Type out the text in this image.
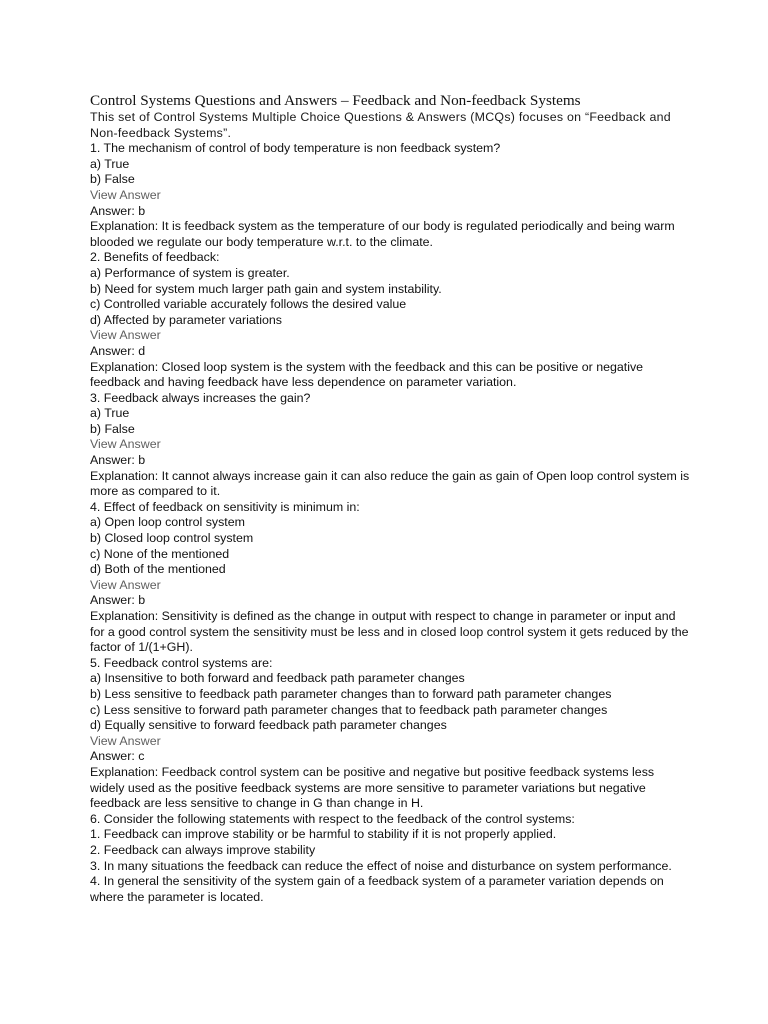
Control Systems Questions and Answers – Feedback and Non-feedback Systems
This set of Control Systems Multiple Choice Questions & Answers (MCQs) focuses on “Feedback and Non-feedback Systems”.
1. The mechanism of control of body temperature is non feedback system?
a) True
b) False
View Answer
Answer: b
Explanation: It is feedback system as the temperature of our body is regulated periodically and being warm blooded we regulate our body temperature w.r.t. to the climate.
2. Benefits of feedback:
a) Performance of system is greater.
b) Need for system much larger path gain and system instability.
c) Controlled variable accurately follows the desired value
d) Affected by parameter variations
View Answer
Answer: d
Explanation: Closed loop system is the system with the feedback and this can be positive or negative feedback and having feedback have less dependence on parameter variation.
3. Feedback always increases the gain?
a) True
b) False
View Answer
Answer: b
Explanation: It cannot always increase gain it can also reduce the gain as gain of Open loop control system is more as compared to it.
4. Effect of feedback on sensitivity is minimum in:
a) Open loop control system
b) Closed loop control system
c) None of the mentioned
d) Both of the mentioned
View Answer
Answer: b
Explanation: Sensitivity is defined as the change in output with respect to change in parameter or input and for a good control system the sensitivity must be less and in closed loop control system it gets reduced by the factor of 1/(1+GH).
5. Feedback control systems are:
a) Insensitive to both forward and feedback path parameter changes
b) Less sensitive to feedback path parameter changes than to forward path parameter changes
c) Less sensitive to forward path parameter changes that to feedback path parameter changes
d) Equally sensitive to forward feedback path parameter changes
View Answer
Answer: c
Explanation: Feedback control system can be positive and negative but positive feedback systems less widely used as the positive feedback systems are more sensitive to parameter variations but negative feedback are less sensitive to change in G than change in H.
6. Consider the following statements with respect to the feedback of the control systems:
1. Feedback can improve stability or be harmful to stability if it is not properly applied.
2. Feedback can always improve stability
3. In many situations the feedback can reduce the effect of noise and disturbance on system performance.
4. In general the sensitivity of the system gain of a feedback system of a parameter variation depends on where the parameter is located.
